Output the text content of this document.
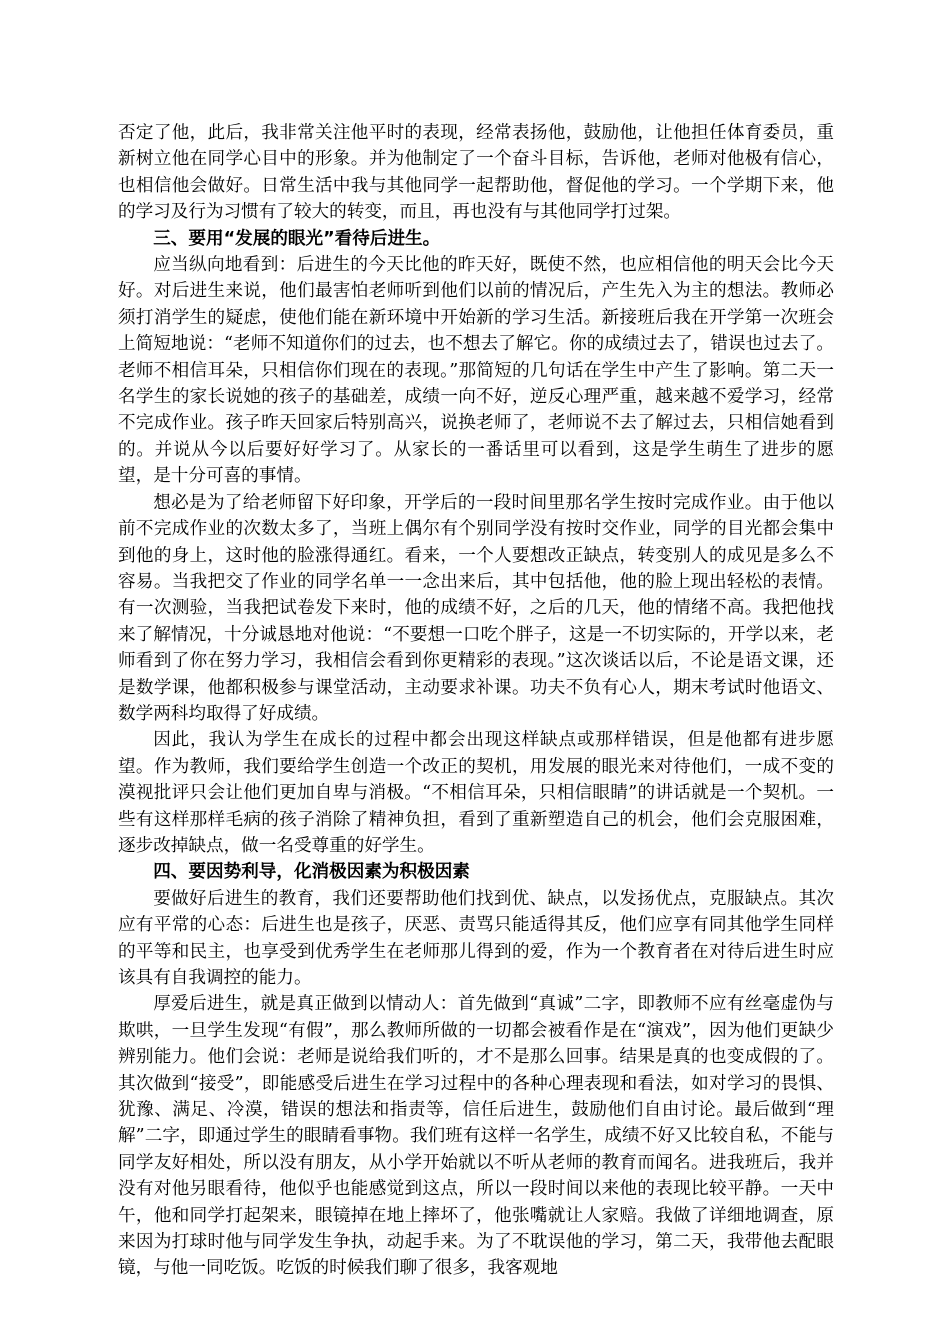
否定了他，此后，我非常关注他平时的表现，经常表扬他，鼓励他，让他担任体育委员，重新树立他在同学心目中的形象。并为他制定了一个奋斗目标，告诉他，老师对他极有信心，也相信他会做好。日常生活中我与其他同学一起帮助他，督促他的学习。一个学期下来，他的学习及行为习惯有了较大的转变，而且，再也没有与其他同学打过架。

三、要用“发展的眼光”看待后进生。

应当纵向地看到：后进生的今天比他的昨天好，既使不然，也应相信他的明天会比今天好。对后进生来说，他们最害怕老师听到他们以前的情况后，产生先入为主的想法。教师必须打消学生的疑虑，使他们能在新环境中开始新的学习生活。新接班后我在开学第一次班会上简短地说：“老师不知道你们的过去，也不想去了解它。你的成绩过去了，错误也过去了。老师不相信耳朵，只相信你们现在的表现。”那简短的几句话在学生中产生了影响。第二天一名学生的家长说她的孩子的基础差，成绩一向不好，逆反心理严重，越来越不爱学习，经常不完成作业。孩子昨天回家后特别高兴，说换老师了，老师说不去了解过去，只相信她看到的。并说从今以后要好好学习了。从家长的一番话里可以看到，这是学生萌生了进步的愿望，是十分可喜的事情。

想必是为了给老师留下好印象，开学后的一段时间里那名学生按时完成作业。由于他以前不完成作业的次数太多了，当班上偶尔有个别同学没有按时交作业，同学的目光都会集中到他的身上，这时他的脸涨得通红。看来，一个人要想改正缺点，转变别人的成见是多么不容易。当我把交了作业的同学名单一一念出来后，其中包括他，他的脸上现出轻松的表情。有一次测验，当我把试卷发下来时，他的成绩不好，之后的几天，他的情绪不高。我把他找来了解情况，十分诚恳地对他说：“不要想一口吃个胖子，这是一不切实际的，开学以来，老师看到了你在努力学习，我相信会看到你更精彩的表现。”这次谈话以后，不论是语文课，还是数学课，他都积极参与课堂活动，主动要求补课。功夫不负有心人，期末考试时他语文、数学两科均取得了好成绩。

因此，我认为学生在成长的过程中都会出现这样缺点或那样错误，但是他都有进步愿望。作为教师，我们要给学生创造一个改正的契机，用发展的眼光来对待他们，一成不变的漠视批评只会让他们更加自卑与消极。“不相信耳朵，只相信眼睛”的讲话就是一个契机。一些有这样那样毛病的孩子消除了精神负担，看到了重新塑造自己的机会，他们会克服困难，逐步改掉缺点，做一名受尊重的好学生。

四、要因势利导，化消极因素为积极因素

要做好后进生的教育，我们还要帮助他们找到优、缺点，以发扬优点，克服缺点。其次应有平常的心态：后进生也是孩子，厌恶、责骂只能适得其反，他们应享有同其他学生同样的平等和民主，也享受到优秀学生在老师那儿得到的爱，作为一个教育者在对待后进生时应该具有自我调控的能力。

厚爱后进生，就是真正做到以情动人：首先做到“真诚”二字，即教师不应有丝毫虚伪与欺哄，一旦学生发现“有假”，那么教师所做的一切都会被看作是在“演戏”，因为他们更缺少辨别能力。他们会说：老师是说给我们听的，才不是那么回事。结果是真的也变成假的了。其次做到“接受”，即能感受后进生在学习过程中的各种心理表现和看法，如对学习的畏惧、犹豫、满足、冷漠，错误的想法和指责等，信任后进生，鼓励他们自由讨论。最后做到“理解”二字，即通过学生的眼睛看事物。我们班有这样一名学生，成绩不好又比较自私，不能与同学友好相处，所以没有朋友，从小学开始就以不听从老师的教育而闻名。进我班后，我并没有对他另眼看待，他似乎也能感觉到这点，所以一段时间以来他的表现比较平静。一天中午，他和同学打起架来，眼镜掉在地上摔坏了，他张嘴就让人家赔。我做了详细地调查，原来因为打球时他与同学发生争执，动起手来。为了不耽误他的学习，第二天，我带他去配眼镜，与他一同吃饭。吃饭的时候我们聊了很多，我客观地
